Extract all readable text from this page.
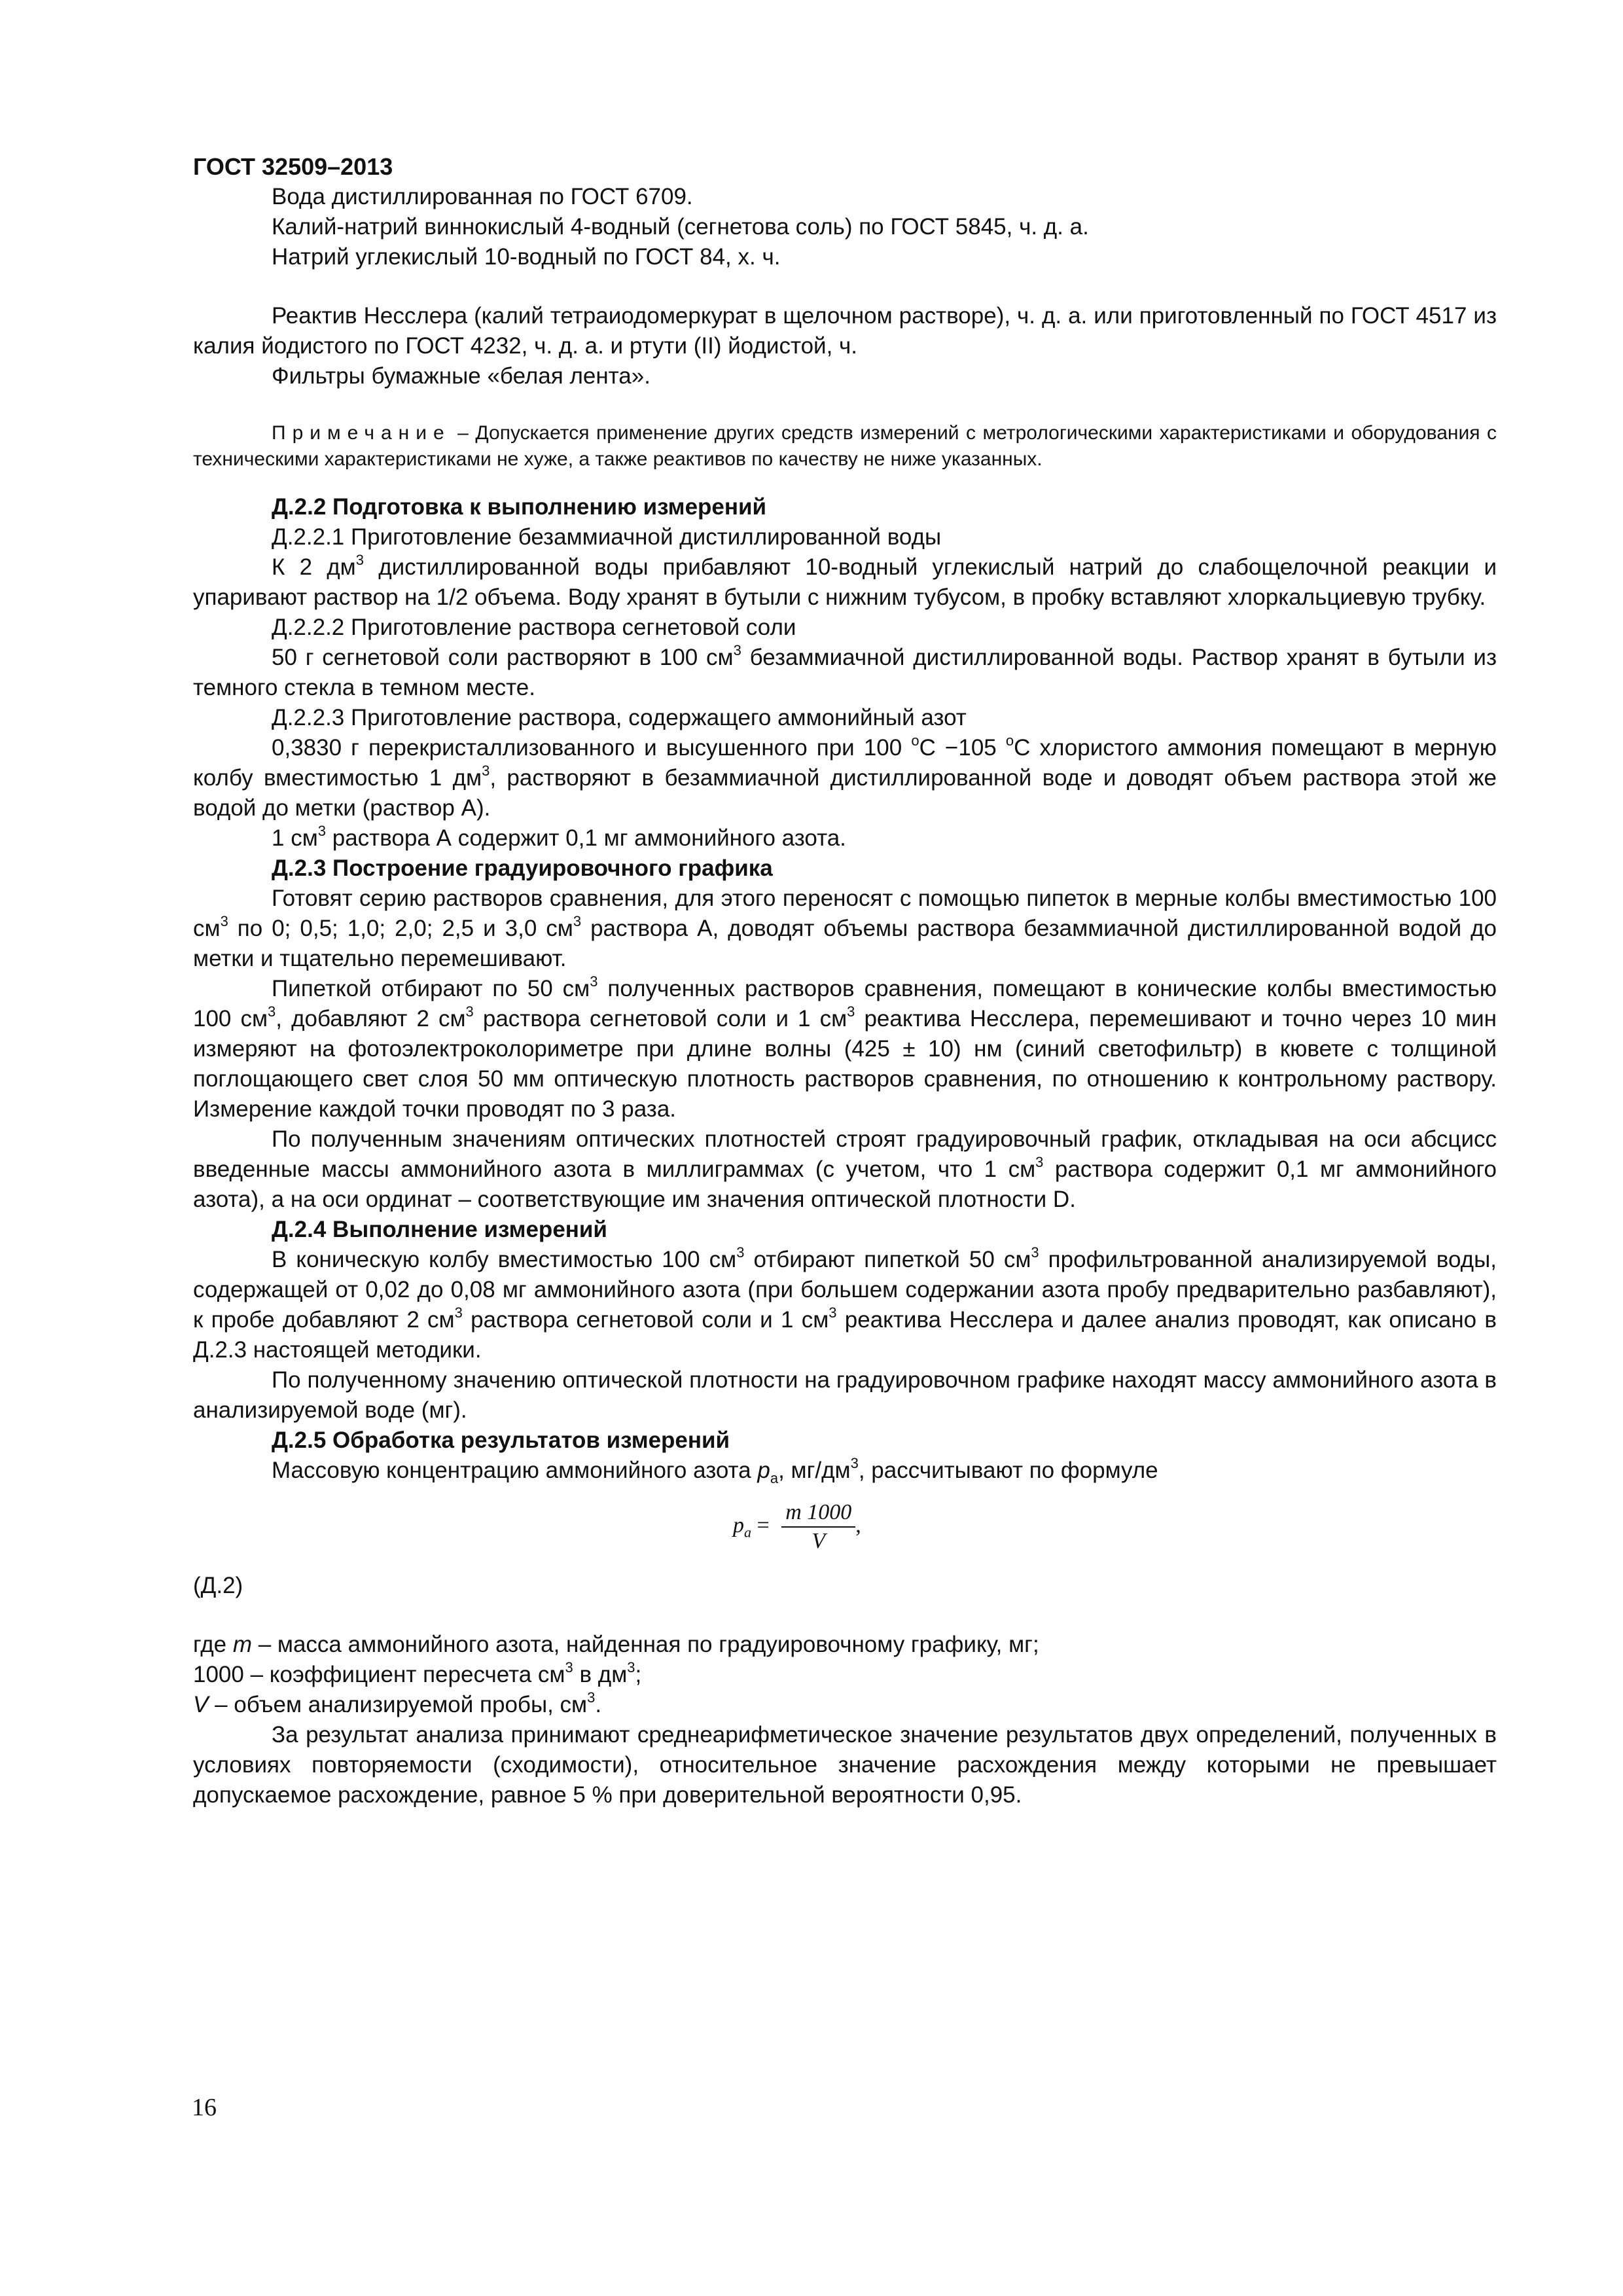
ГОСТ 32509–2013

Вода дистиллированная по ГОСТ 6709.

Калий-натрий виннокислый 4-водный (сегнетова соль) по ГОСТ 5845, ч. д. а.

Натрий углекислый 10-водный по ГОСТ 84, х. ч.

Реактив Несслера (калий тетраиодомеркурат в щелочном растворе), ч. д. а. или приготовленный по ГОСТ 4517 из калия йодистого по ГОСТ 4232, ч. д. а. и ртути (II) йодистой, ч.

Фильтры бумажные «белая лента».

Примечание – Допускается применение других средств измерений с метрологическими характеристиками и оборудования с техническими характеристиками не хуже, а также реактивов по качеству не ниже указанных.

Д.2.2 Подготовка к выполнению измерений

Д.2.2.1 Приготовление безаммиачной дистиллированной воды

К 2 $дм^3$ дистиллированной воды прибавляют 10-водный углекислый натрий до слабощелочной реакции и упаривают раствор на 1/2 объема. Воду хранят в бутыли с нижним тубусом, в пробку вставляют хлоркальциевую трубку.

Д.2.2.2 Приготовление раствора сегнетовой соли

50 г сегнетовой соли растворяют в 100 $см^3$ безаммиачной дистиллированной воды. Раствор хранят в бутыли из темного стекла в темном месте.

Д.2.2.3 Приготовление раствора, содержащего аммонийный азот

0,3830 г перекристаллизованного и высушенного при 100 $^о$С −105 $^о$С хлористого аммония помещают в мерную колбу вместимостью 1 $дм^3$, растворяют в безаммиачной дистиллированной воде и доводят объем раствора этой же водой до метки (раствор А).

1 $см^3$ раствора А содержит 0,1 мг аммонийного азота.

Д.2.3 Построение градуировочного графика

Готовят серию растворов сравнения, для этого переносят с помощью пипеток в мерные колбы вместимостью 100 $см^3$ по 0; 0,5; 1,0; 2,0; 2,5 и 3,0 $см^3$ раствора А, доводят объемы раствора безаммиачной дистиллированной водой до метки и тщательно перемешивают.

Пипеткой отбирают по 50 $см^3$ полученных растворов сравнения, помещают в конические колбы вместимостью 100 $см^3$, добавляют 2 $см^3$ раствора сегнетовой соли и 1 $см^3$ реактива Несслера, перемешивают и точно через 10 мин измеряют на фотоэлектроколориметре при длине волны (425 ± 10) нм (синий светофильтр) в кювете с толщиной поглощающего свет слоя 50 мм оптическую плотность растворов сравнения, по отношению к контрольному раствору. Измерение каждой точки проводят по 3 раза.

По полученным значениям оптических плотностей строят градуировочный график, откладывая на оси абсцисс введенные массы аммонийного азота в миллиграммах (с учетом, что 1 $см^3$ раствора содержит 0,1 мг аммонийного азота), а на оси ординат – соответствующие им значения оптической плотности D.

Д.2.4 Выполнение измерений

В коническую колбу вместимостью 100 $см^3$ отбирают пипеткой 50 $см^3$ профильтрованной анализируемой воды, содержащей от 0,02 до 0,08 мг аммонийного азота (при большем содержании азота пробу предварительно разбавляют), к пробе добавляют 2 $см^3$ раствора сегнетовой соли и 1 $см^3$ реактива Несслера и далее анализ проводят, как описано в Д.2.3 настоящей методики.

По полученному значению оптической плотности на градуировочном графике находят массу аммонийного азота в анализируемой воде (мг).

Д.2.5 Обработка результатов измерений

Массовую концентрацию аммонийного азота $p_а$, $мг/дм^3$, рассчитывают по формуле

$p_a = \frac{m 1000}{V}$ ,
(Д.2)

где m – масса аммонийного азота, найденная по градуировочному графику, мг;

1000 – коэффициент пересчета $см^3$ в $дм^3$;

V – объем анализируемой пробы, $см^3$.

За результат анализа принимают среднеарифметическое значение результатов двух определений, полученных в условиях повторяемости (сходимости), относительное значение расхождения между которыми не превышает допускаемое расхождение, равное 5 % при доверительной вероятности 0,95.

16
